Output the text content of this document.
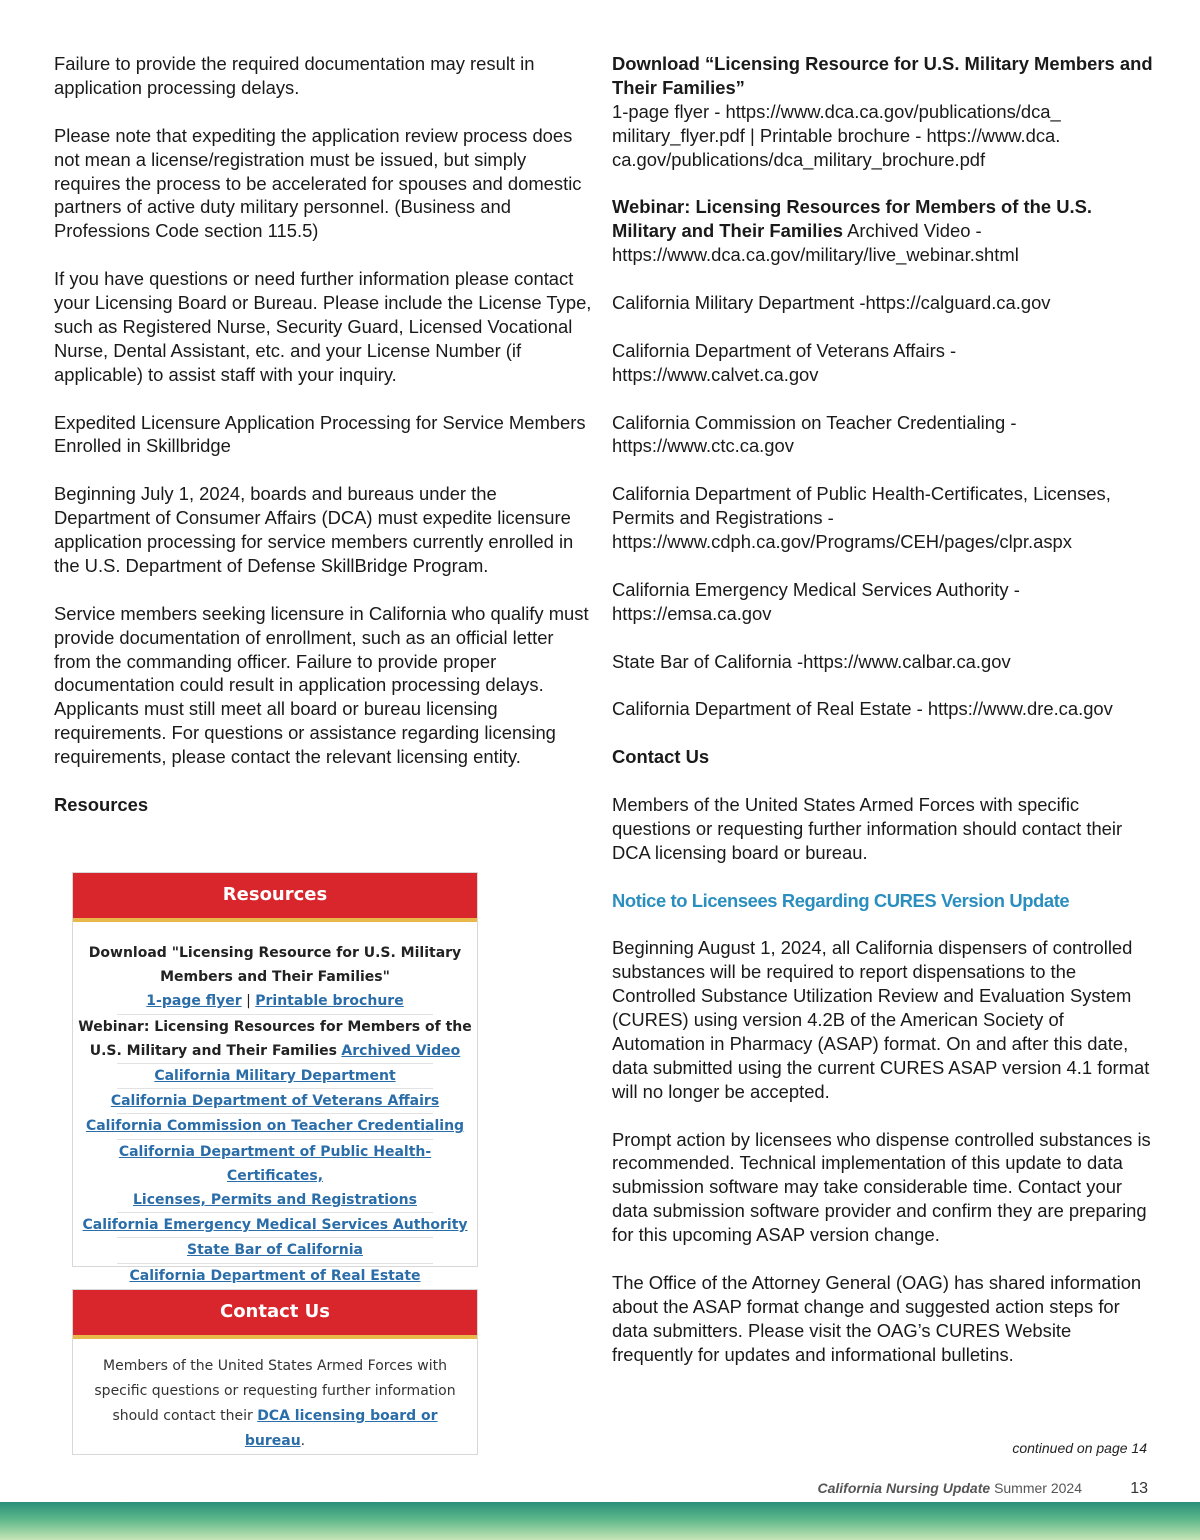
Failure to provide the required documentation may result in application processing delays.

Please note that expediting the application review process does not mean a license/registration must be issued, but simply requires the process to be accelerated for spouses and domestic partners of active duty military personnel. (Business and Professions Code section 115.5)

If you have questions or need further information please contact your Licensing Board or Bureau. Please include the License Type, such as Registered Nurse, Security Guard, Licensed Vocational Nurse, Dental Assistant, etc. and your License Number (if applicable) to assist staff with your inquiry.

Expedited Licensure Application Processing for Service Members Enrolled in Skillbridge

Beginning July 1, 2024, boards and bureaus under the Department of Consumer Affairs (DCA) must expedite licensure application processing for service members currently enrolled in the U.S. Department of Defense SkillBridge Program.

Service members seeking licensure in California who qualify must provide documentation of enrollment, such as an official letter from the commanding officer. Failure to provide proper documentation could result in application processing delays. Applicants must still meet all board or bureau licensing requirements. For questions or assistance regarding licensing requirements, please contact the relevant licensing entity.

Resources

Resources
Download "Licensing Resource for U.S. Military
Members and Their Families"
1-page flyer | Printable brochure
Webinar: Licensing Resources for Members of the
U.S. Military and Their Families Archived Video
California Military Department
California Department of Veterans Affairs
California Commission on Teacher Credentialing
California Department of Public Health-Certificates,
Licenses, Permits and Registrations
California Emergency Medical Services Authority
State Bar of California
California Department of Real Estate
Contact Us
Members of the United States Armed Forces with specific questions or requesting further information should contact their DCA licensing board or bureau.
Download “Licensing Resource for U.S. Military Members and Their Families”

1-page flyer - https://www.dca.ca.gov/publications/dca_ military_flyer.pdf | Printable brochure - https://www.dca. ca.gov/publications/dca_military_brochure.pdf

Webinar: Licensing Resources for Members of the U.S. Military and Their Families Archived Video - https://www.dca.ca.gov/military/live_webinar.shtml

California Military Department -https://calguard.ca.gov

California Department of Veterans Affairs - https://www.calvet.ca.gov

California Commission on Teacher Credentialing - https://www.ctc.ca.gov

California Department of Public Health-Certificates, Licenses, Permits and Registrations - https://www.cdph.ca.gov/Programs/CEH/pages/clpr.aspx

California Emergency Medical Services Authority - https://emsa.ca.gov

State Bar of California -https://www.calbar.ca.gov

California Department of Real Estate - https://www.dre.ca.gov

Contact Us

Members of the United States Armed Forces with specific questions or requesting further information should contact their DCA licensing board or bureau.

Notice to Licensees Regarding CURES Version Update

Beginning August 1, 2024, all California dispensers of controlled substances will be required to report dispensations to the Controlled Substance Utilization Review and Evaluation System (CURES) using version 4.2B of the American Society of Automation in Pharmacy (ASAP) format. On and after this date, data submitted using the current CURES ASAP version 4.1 format will no longer be accepted.

Prompt action by licensees who dispense controlled substances is recommended. Technical implementation of this update to data submission software may take considerable time. Contact your data submission software provider and confirm they are preparing for this upcoming ASAP version change.

The Office of the Attorney General (OAG) has shared information about the ASAP format change and suggested action steps for data submitters. Please visit the OAG’s CURES Website frequently for updates and informational bulletins.

continued on page 14
California Nursing Update Summer 2024	13
